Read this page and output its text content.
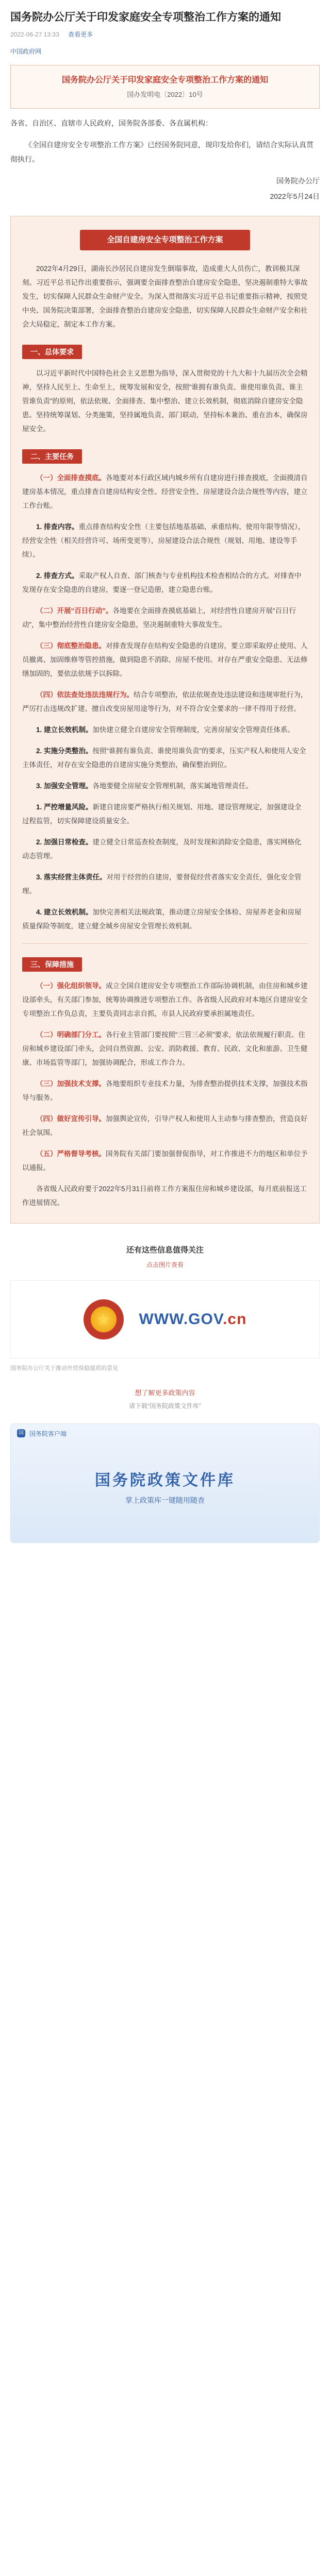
国务院办公厅关于印发家庭安全专项整治工作方案的通知
2022-06-27 13:33 查看更多
中国政府网

国务院办公厅关于印发家庭安全专项整治工作方案的通知

国办发明电〔2022〕10号

各省、自治区、直辖市人民政府，国务院各部委、各直属机构：

《全国自建房安全专项整治工作方案》已经国务院同意，现印发给你们，请结合实际认真贯彻执行。

国务院办公厅

2022年5月24日

全国自建房安全专项整治工作方案

2022年4月29日，湖南长沙居民自建房发生倒塌事故，造成重大人员伤亡，教训极其深刻。习近平总书记作出重要指示，强调要全面排查整治自建房安全隐患，坚决遏制重特大事故发生，切实保障人民群众生命财产安全。为深入贯彻落实习近平总书记重要指示精神，按照党中央、国务院决策部署，全面排查整治自建房安全隐患，切实保障人民群众生命财产安全和社会大局稳定，制定本工作方案。

一、总体要求

以习近平新时代中国特色社会主义思想为指导，深入贯彻党的十九大和十九届历次全会精神，坚持人民至上、生命至上，统筹发展和安全，按照“谁拥有谁负责、谁使用谁负责、谁主管谁负责”的原则，依法依规、全面排查、集中整治、建立长效机制，彻底消除自建房安全隐患。坚持统筹谋划、分类施策，坚持属地负责、部门联动，坚持标本兼治、重在治本，确保房屋安全。

二、主要任务

（一）全面排查摸底。各地要对本行政区域内城乡所有自建房进行排查摸底，全面摸清自建房基本情况，重点排查自建房结构安全性、经营安全性、房屋建设合法合规性等内容，建立工作台账。

1. 排查内容。重点排查结构安全性（主要包括地基基础、承重结构、使用年限等情况），经营安全性（相关经营许可、场所变更等），房屋建设合法合规性（规划、用地、建设等手续）。

2. 排查方式。采取产权人自查、部门核查与专业机构技术检查相结合的方式。对排查中发现存在安全隐患的自建房，要逐一登记造册，建立隐患台账。

（二）开展“百日行动”。各地要在全面排查摸底基础上，对经营性自建房开展“百日行动”，集中整治经营性自建房安全隐患，坚决遏制重特大事故发生。

（三）彻底整治隐患。对排查发现存在结构安全隐患的自建房，要立即采取停止使用、人员撤离、加固维修等管控措施，做到隐患不消除、房屋不使用。对存在严重安全隐患、无法修缮加固的，要依法依规予以拆除。

（四）依法查处违法违规行为。结合专项整治，依法依规查处违法建设和违规审批行为，严厉打击违规改扩建、擅自改变房屋用途等行为，对不符合安全要求的一律不得用于经营。

1. 建立长效机制。加快建立健全自建房安全管理制度，完善房屋安全管理责任体系。

2. 实施分类整治。按照“谁拥有谁负责、谁使用谁负责”的要求，压实产权人和使用人安全主体责任，对存在安全隐患的自建房实施分类整治，确保整治到位。

3. 加强安全管理。各地要健全房屋安全管理机制，落实属地管理责任。

1. 严控增量风险。新建自建房要严格执行相关规划、用地、建设管理规定，加强建设全过程监管，切实保障建设质量安全。

2. 加强日常检查。建立健全日常巡查检查制度，及时发现和消除安全隐患，落实网格化动态管理。

3. 落实经营主体责任。对用于经营的自建房，要督促经营者落实安全责任，强化安全管理。

4. 建立长效机制。加快完善相关法规政策，推动建立房屋安全体检、房屋养老金和房屋质量保险等制度，建立健全城乡房屋安全管理长效机制。

三、保障措施

（一）强化组织领导。成立全国自建房安全专项整治工作部际协调机制，由住房和城乡建设部牵头，有关部门参加，统筹协调推进专项整治工作。各省级人民政府对本地区自建房安全专项整治工作负总责，主要负责同志亲自抓，市县人民政府要承担属地责任。

（二）明确部门分工。各行业主管部门要按照“三管三必须”要求，依法依规履行职责。住房和城乡建设部门牵头，会同自然资源、公安、消防救援、教育、民政、文化和旅游、卫生健康、市场监管等部门，加强协调配合，形成工作合力。

（三）加强技术支撑。各地要组织专业技术力量，为排查整治提供技术支撑，加强技术指导与服务。

（四）做好宣传引导。加强舆论宣传，引导产权人和使用人主动参与排查整治，营造良好社会氛围。

（五）严格督导考核。国务院有关部门要加强督促指导，对工作推进不力的地区和单位予以通报。

各省级人民政府要于2022年5月31日前将工作方案报住房和城乡建设部，每月底前报送工作进展情况。

还有这些信息值得关注
点击图片查看
★	WWW.GOV.cn
国务院办公厅关于推动外贸保稳提质的意见
想了解更多政策内容
请下载“国务院政策文件库”
国 国务院客户端
国务院政策文件库
掌上政策库一键随用随查
